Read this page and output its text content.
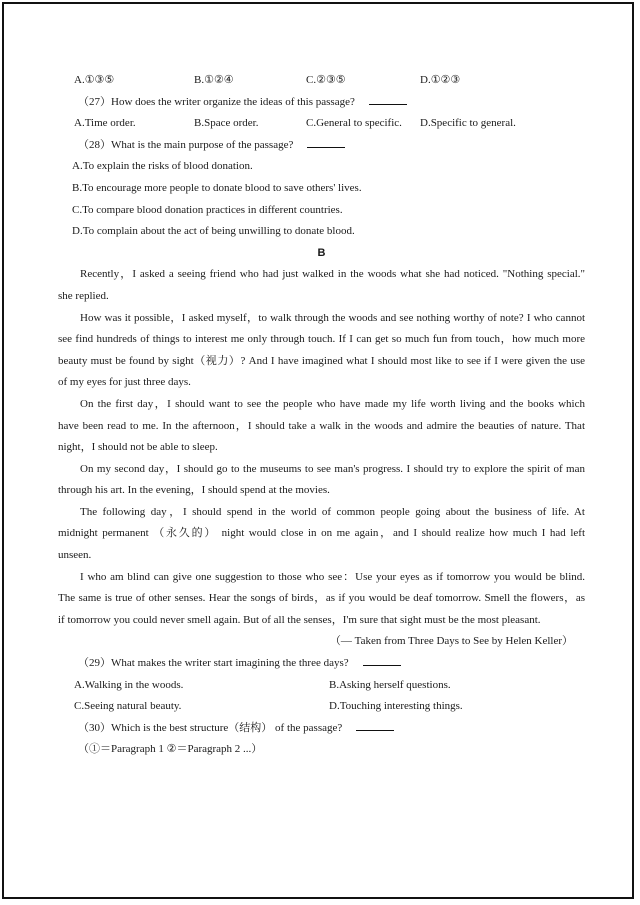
A.①③⑤	B.①②④	C.②③⑤	D.①②③
（27）How does the writer organize the ideas of this passage?
A.Time order.	B.Space order.	C.General to specific. D.Specific to general.
（28）What is the main purpose of the passage?
A.To explain the risks of blood donation.
B.To encourage more people to donate blood to save others' lives.
C.To compare blood donation practices in different countries.
D.To complain about the act of being unwilling to donate blood.
B
Recently，I asked a seeing friend who had just walked in the woods what she had noticed. "Nothing special."
she replied.
How was it possible，I asked myself，to walk through the woods and see nothing worthy of note? I who cannot
see find hundreds of things to interest me only through touch. If I can get so much fun from touch，how much more
beauty must be found by sight（视力）? And I have imagined what I should most like to see if I were given the use
of my eyes for just three days.
On the first day，I should want to see the people who have made my life worth living and the books which
have been read to me. In the afternoon，I should take a walk in the woods and admire the beauties of nature. That
night，I should not be able to sleep.
On my second day，I should go to the museums to see man's progress. I should try to explore the spirit of man
through his art. In the evening，I should spend at the movies.
The following day，I should spend in the world of common people going about the business of life. At
midnight permanent （永久的） night would close in on me again，and I should realize how much I had left
unseen.
I who am blind can give one suggestion to those who see：Use your eyes as if tomorrow you would be blind.
The same is true of other senses. Hear the songs of birds，as if you would be deaf tomorrow. Smell the flowers，as
if tomorrow you could never smell again. But of all the senses，I'm sure that sight must be the most pleasant.
（— Taken from Three Days to See by Helen Keller）
（29）What makes the writer start imagining the three days?
A.Walking in the woods.	B.Asking herself questions.
C.Seeing natural beauty.	D.Touching interesting things.
（30）Which is the best structure（结构） of the passage?
（①＝Paragraph 1 ②＝Paragraph 2 ...）
